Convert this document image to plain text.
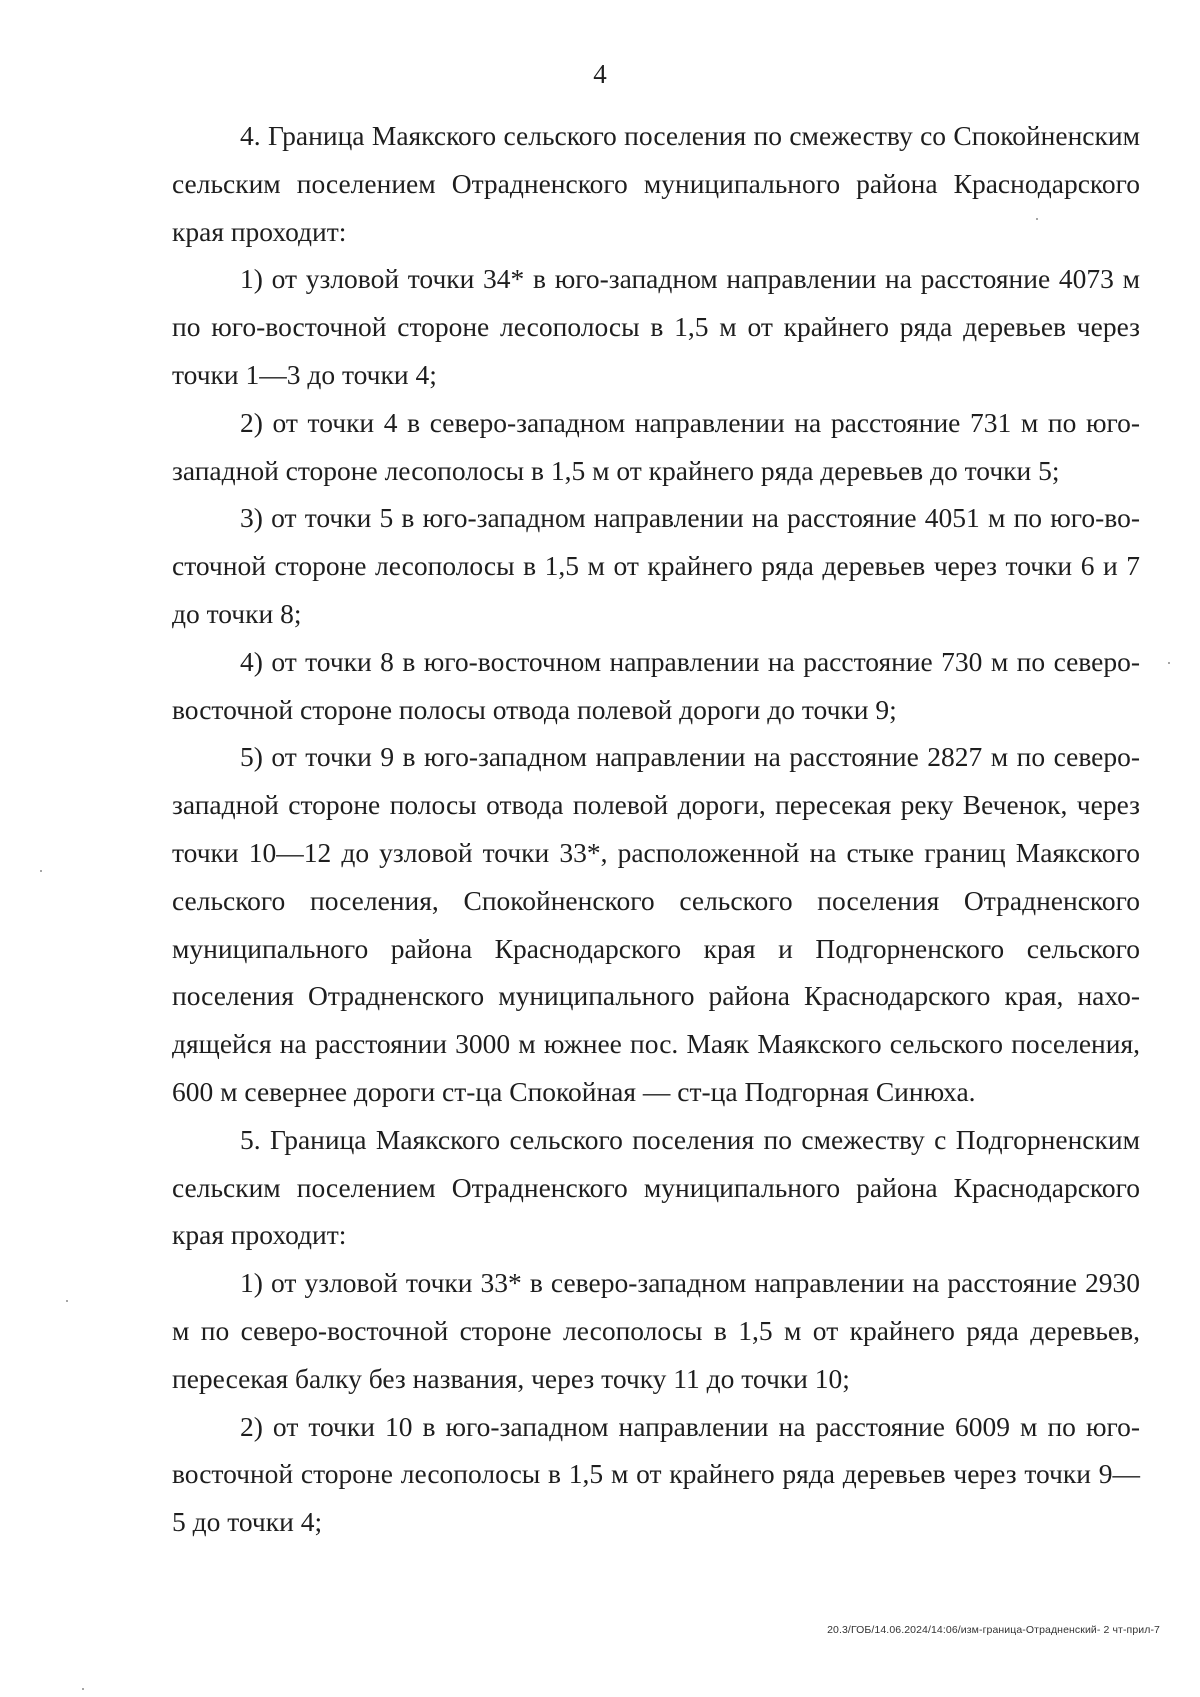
4

4. Граница Маякского сельского поселения по смежеству со Спокойненским сельским поселением Отрадненского муниципального района Краснодарского края проходит:

1) от узловой точки 34* в юго-западном направлении на расстояние 4073 м по юго-восточной стороне лесополосы в 1,5 м от крайнего ряда деревьев через точки 1—3 до точки 4;

2) от точки 4 в северо-западном направлении на расстояние 731 м по юго-западной стороне лесополосы в 1,5 м от крайнего ряда деревьев до точки 5;

3) от точки 5 в юго-западном направлении на расстояние 4051 м по юго-восточной стороне лесополосы в 1,5 м от крайнего ряда деревьев через точки 6 и 7 до точки 8;

4) от точки 8 в юго-восточном направлении на расстояние 730 м по северо-восточной стороне полосы отвода полевой дороги до точки 9;

5) от точки 9 в юго-западном направлении на расстояние 2827 м по северо-западной стороне полосы отвода полевой дороги, пересекая реку Веченок, через точки 10—12 до узловой точки 33*, расположенной на стыке границ Маякского сельского поселения, Спокойненского сельского поселения Отрадненского муниципального района Краснодарского края и Подгорненского сельского поселения Отрадненского муниципального района Краснодарского края, находящейся на расстоянии 3000 м южнее пос. Маяк Маякского сельского поселения, 600 м севернее дороги ст-ца Спокойная — ст-ца Подгорная Синюха.

5. Граница Маякского сельского поселения по смежеству с Подгорненским сельским поселением Отрадненского муниципального района Краснодарского края проходит:

1) от узловой точки 33* в северо-западном направлении на расстояние 2930 м по северо-восточной стороне лесополосы в 1,5 м от крайнего ряда деревьев, пересекая балку без названия, через точку 11 до точки 10;

2) от точки 10 в юго-западном направлении на расстояние 6009 м по юго-восточной стороне лесополосы в 1,5 м от крайнего ряда деревьев через точки 9—5 до точки 4;

20.3/ГОБ/14.06.2024/14:06/изм-граница-Отрадненский- 2 чт-прил-7
